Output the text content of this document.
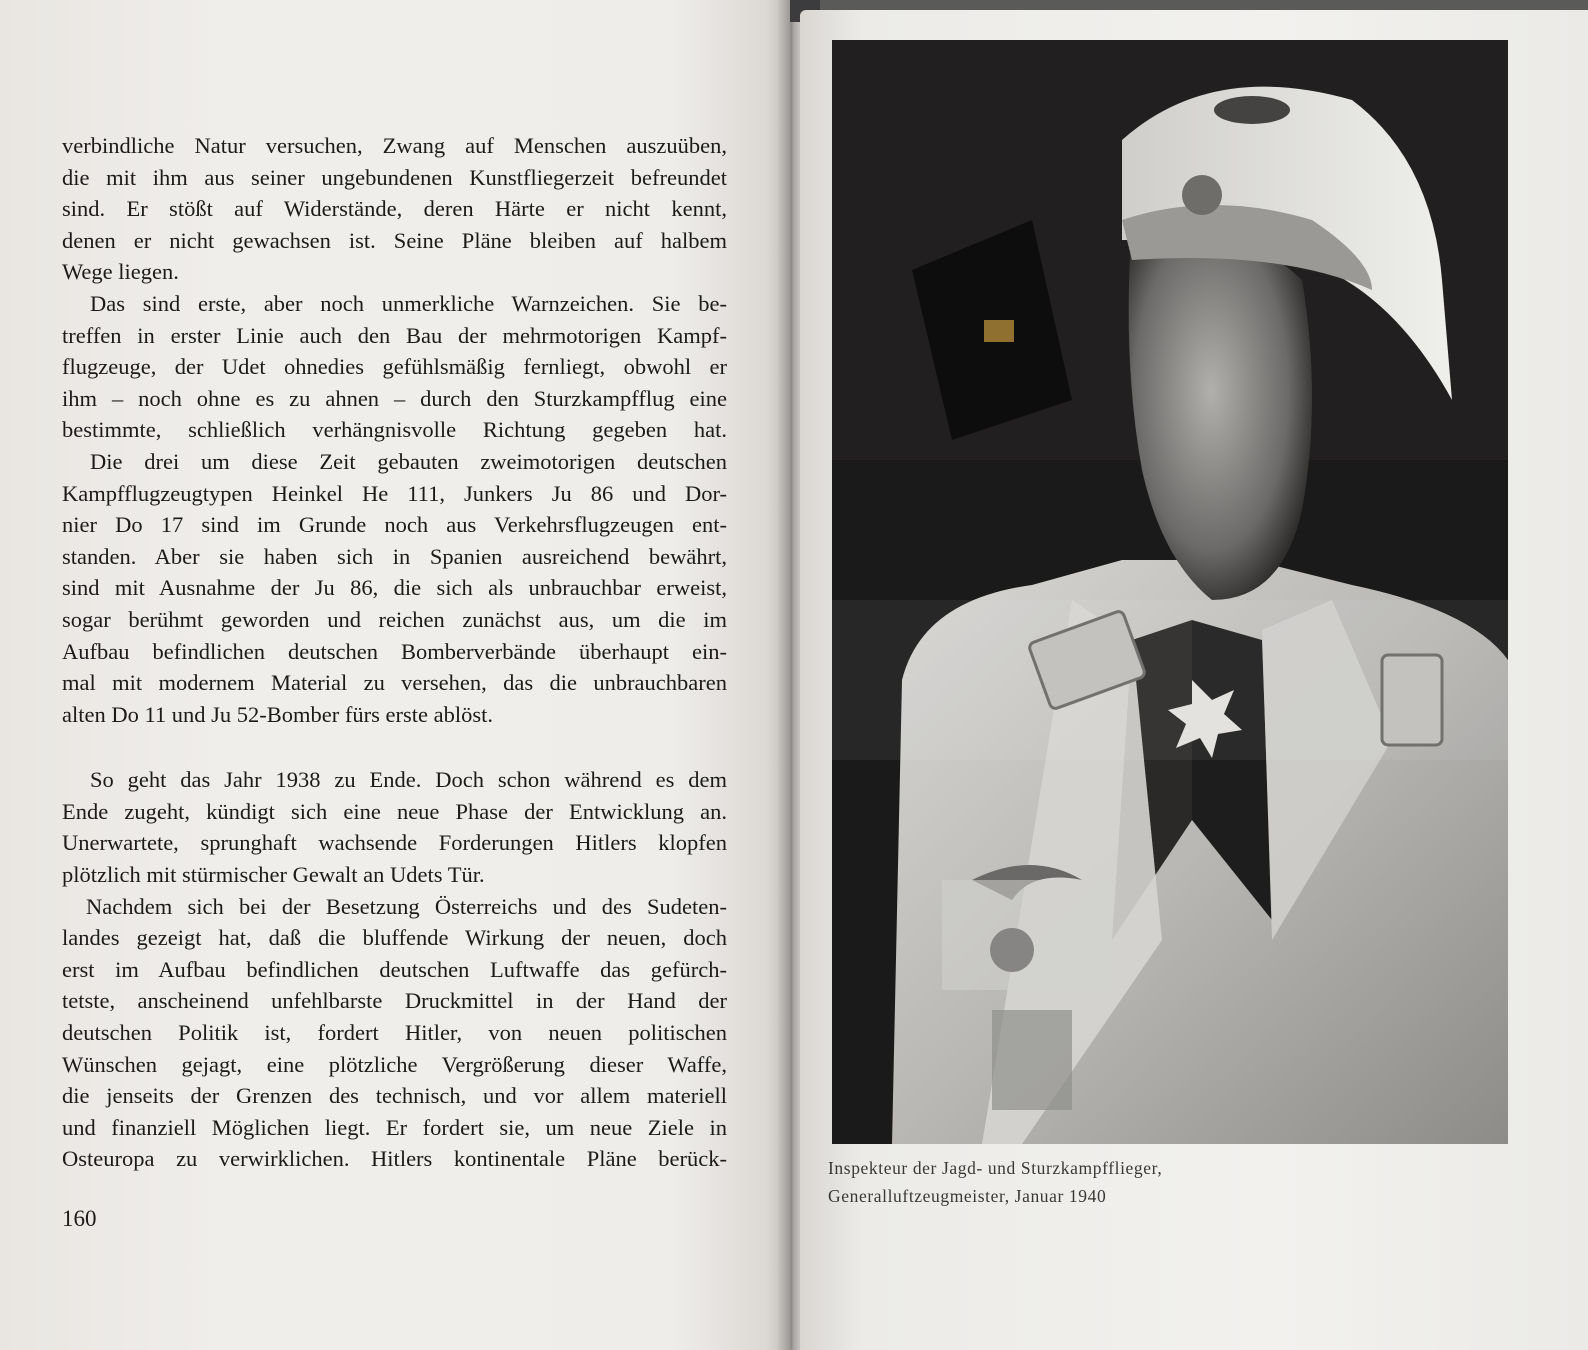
verbindliche Natur versuchen, Zwang auf Menschen auszuüben,
die mit ihm aus seiner ungebundenen Kunstfliegerzeit befreundet
sind. Er stößt auf Widerstände, deren Härte er nicht kennt,
denen er nicht gewachsen ist. Seine Pläne bleiben auf halbem
Wege liegen.
Das sind erste, aber noch unmerkliche Warnzeichen. Sie be-
treffen in erster Linie auch den Bau der mehrmotorigen Kampf-
flugzeuge, der Udet ohnedies gefühlsmäßig fernliegt, obwohl er
ihm – noch ohne es zu ahnen – durch den Sturzkampfflug eine
bestimmte, schließlich verhängnisvolle Richtung gegeben hat.
Die drei um diese Zeit gebauten zweimotorigen deutschen
Kampfflugzeugtypen Heinkel He 111, Junkers Ju 86 und Dor-
nier Do 17 sind im Grunde noch aus Verkehrsflugzeugen ent-
standen. Aber sie haben sich in Spanien ausreichend bewährt,
sind mit Ausnahme der Ju 86, die sich als unbrauchbar erweist,
sogar berühmt geworden und reichen zunächst aus, um die im
Aufbau befindlichen deutschen Bomberverbände überhaupt ein-
mal mit modernem Material zu versehen, das die unbrauchbaren
alten Do 11 und Ju 52-Bomber fürs erste ablöst.
So geht das Jahr 1938 zu Ende. Doch schon während es dem
Ende zugeht, kündigt sich eine neue Phase der Entwicklung an.
Unerwartete, sprunghaft wachsende Forderungen Hitlers klopfen
plötzlich mit stürmischer Gewalt an Udets Tür.
Nachdem sich bei der Besetzung Österreichs und des Sudeten-
landes gezeigt hat, daß die bluffende Wirkung der neuen, doch
erst im Aufbau befindlichen deutschen Luftwaffe das gefürch-
tetste, anscheinend unfehlbarste Druckmittel in der Hand der
deutschen Politik ist, fordert Hitler, von neuen politischen
Wünschen gejagt, eine plötzliche Vergrößerung dieser Waffe,
die jenseits der Grenzen des technisch, und vor allem materiell
und finanziell Möglichen liegt. Er fordert sie, um neue Ziele in
Osteuropa zu verwirklichen. Hitlers kontinentale Pläne berück-
160
Inspekteur der Jagd- und Sturzkampfflieger,
Generalluftzeugmeister, Januar 1940
